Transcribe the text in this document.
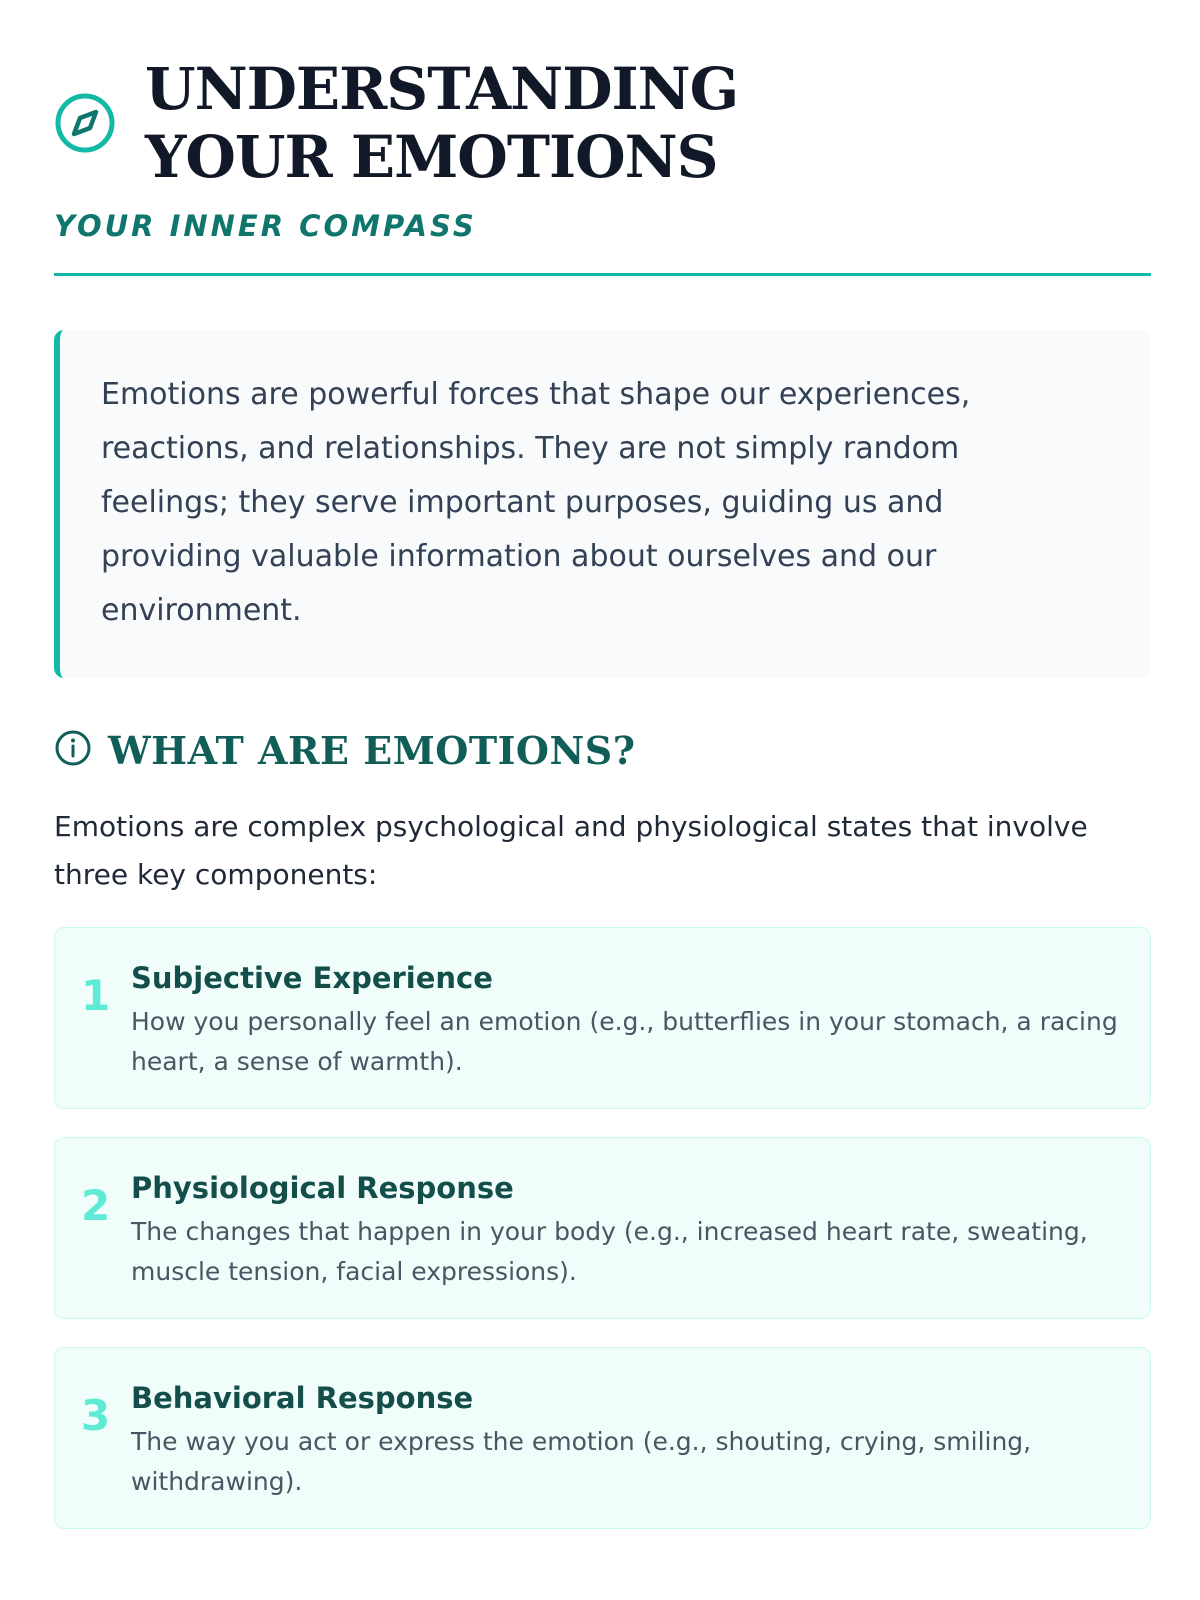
UNDERSTANDING YOUR EMOTIONS
YOUR INNER COMPASS
Emotions are powerful forces that shape our experiences, reactions, and relationships. They are not simply random feelings; they serve important purposes, guiding us and providing valuable information about ourselves and our environment.
WHAT ARE EMOTIONS?
Emotions are complex psychological and physiological states that involve three key components:
1 Subjective Experience
How you personally feel an emotion (e.g., butterflies in your stomach, a racing heart, a sense of warmth).
2 Physiological Response
The changes that happen in your body (e.g., increased heart rate, sweating, muscle tension, facial expressions).
3 Behavioral Response
The way you act or express the emotion (e.g., shouting, crying, smiling, withdrawing).
